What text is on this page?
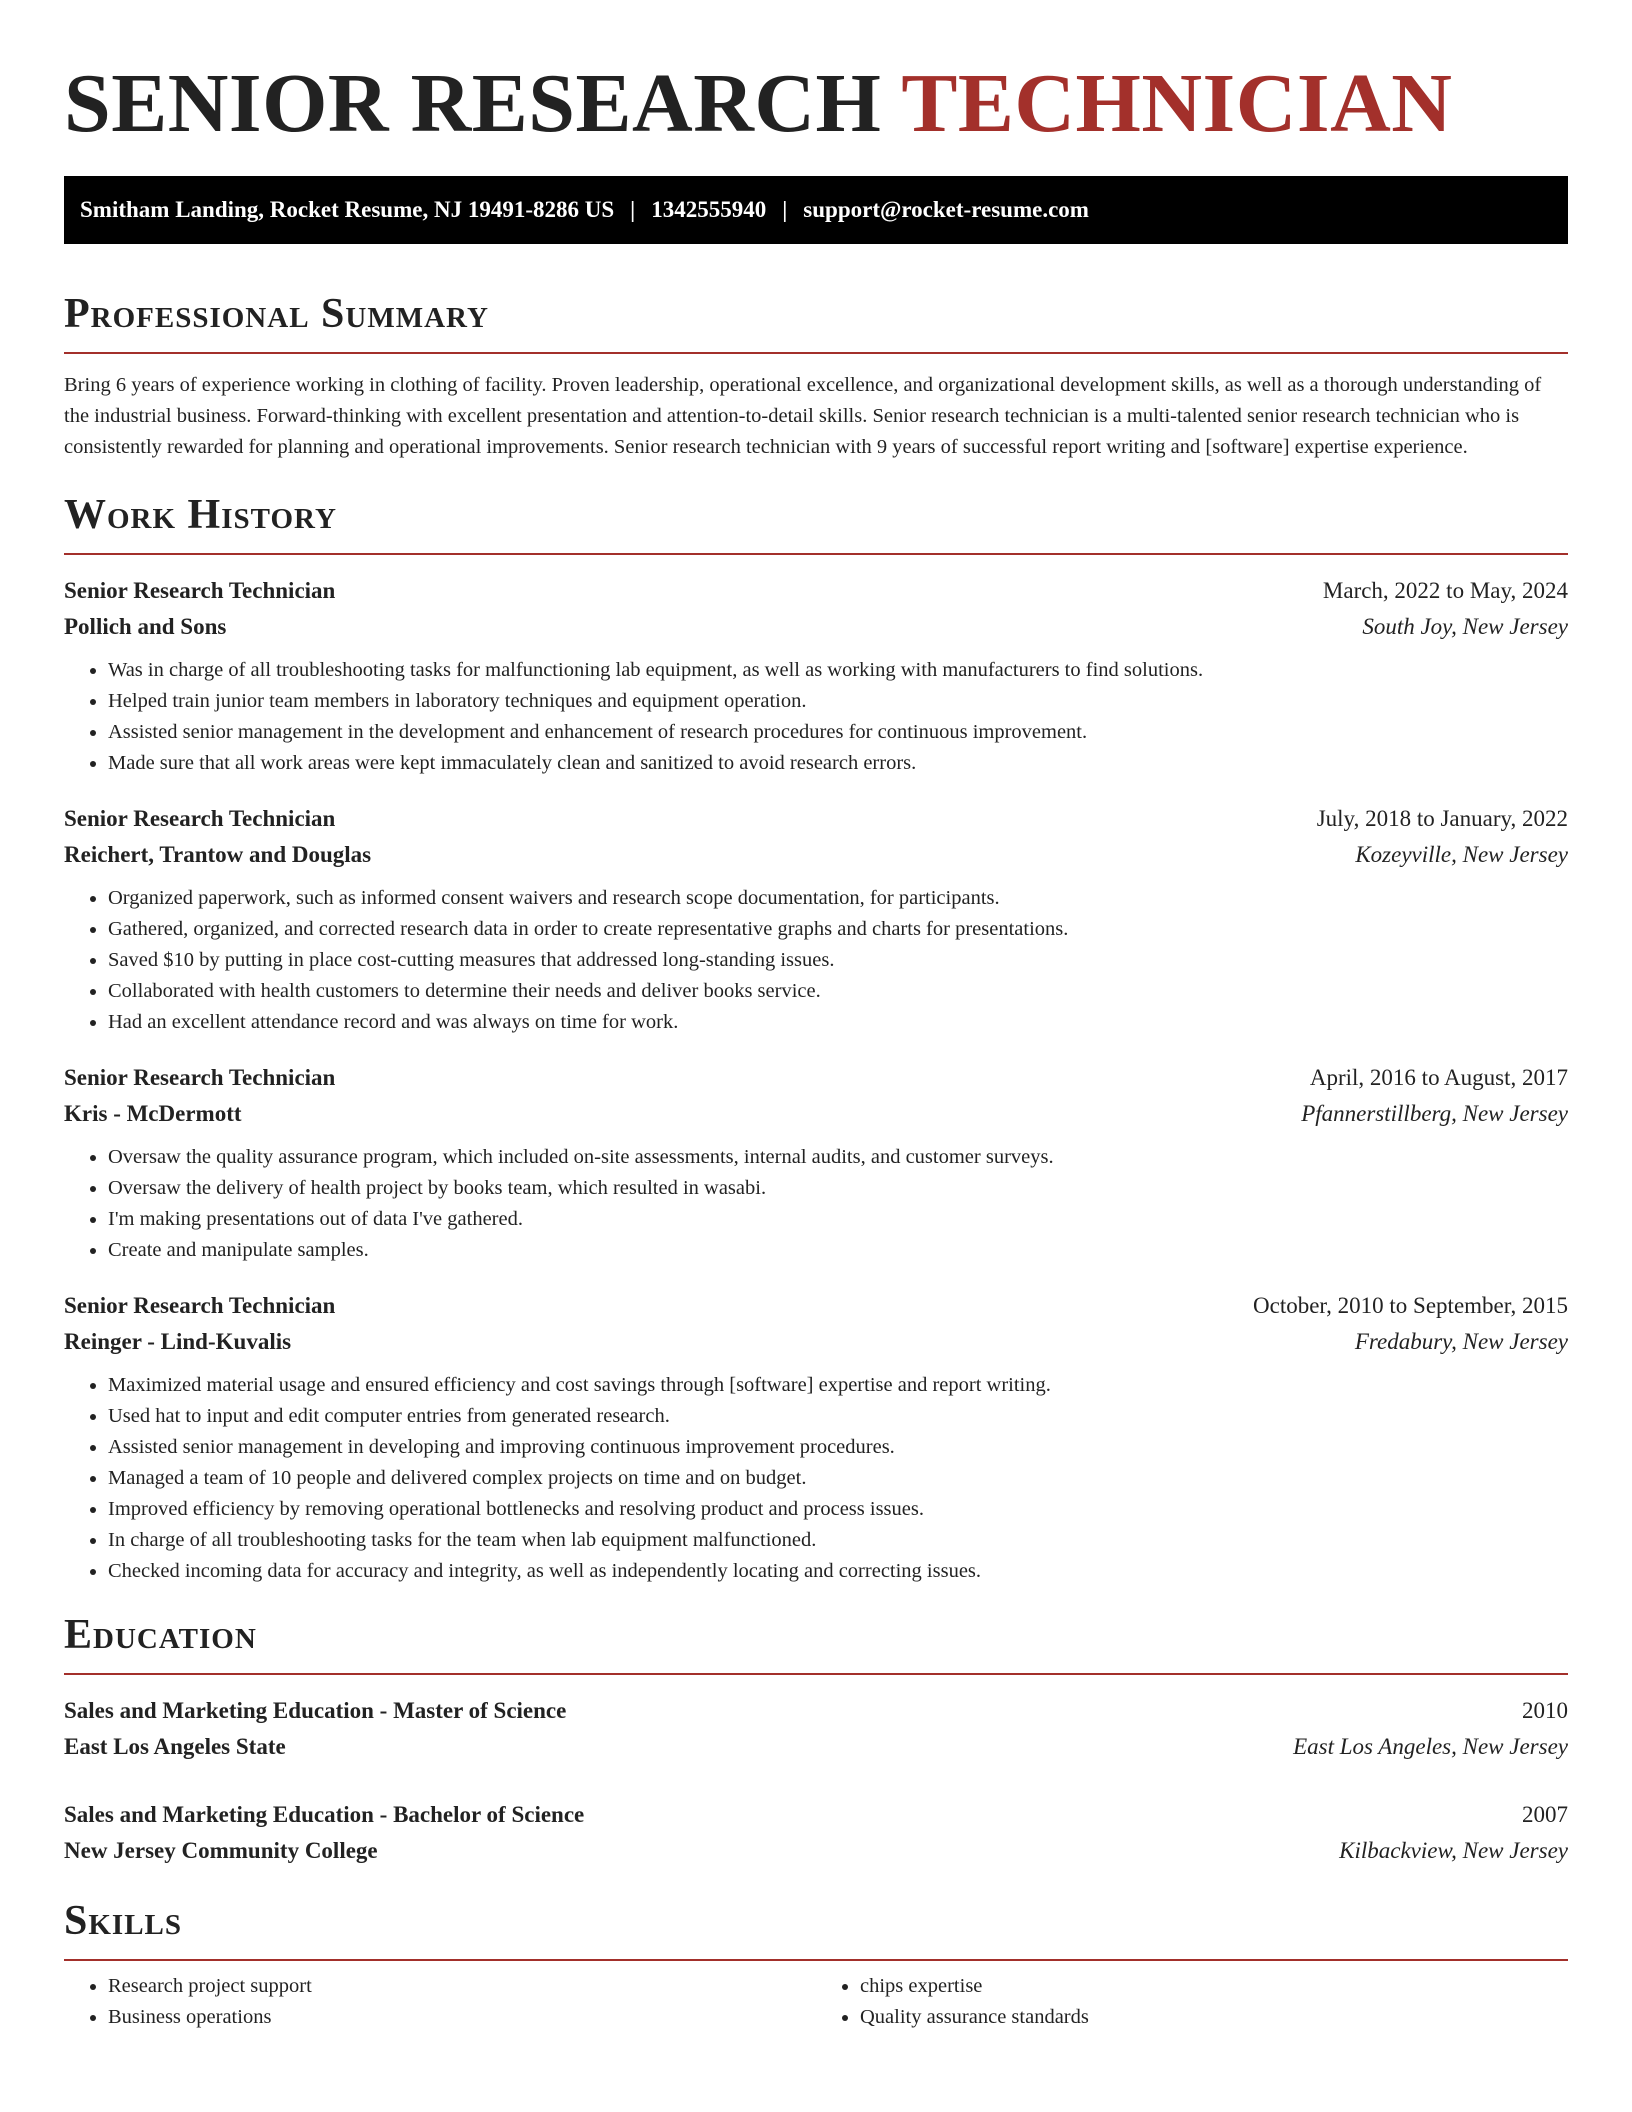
SENIOR RESEARCH TECHNICIAN
Smitham Landing, Rocket Resume, NJ 19491-8286 US | 1342555940 | support@rocket-resume.com
Professional Summary

Bring 6 years of experience working in clothing of facility. Proven leadership, operational excellence, and organizational development skills, as well as a thorough understanding of the industrial business. Forward-thinking with excellent presentation and attention-to-detail skills. Senior research technician is a multi-talented senior research technician who is consistently rewarded for planning and operational improvements. Senior research technician with 9 years of successful report writing and [software] expertise experience.

Work History
Senior Research Technician	March, 2022 to May, 2024
Pollich and Sons	South Joy, New Jersey
• Was in charge of all troubleshooting tasks for malfunctioning lab equipment, as well as working with manufacturers to find solutions.
• Helped train junior team members in laboratory techniques and equipment operation.
• Assisted senior management in the development and enhancement of research procedures for continuous improvement.
• Made sure that all work areas were kept immaculately clean and sanitized to avoid research errors.
Senior Research Technician	July, 2018 to January, 2022
Reichert, Trantow and Douglas	Kozeyville, New Jersey
• Organized paperwork, such as informed consent waivers and research scope documentation, for participants.
• Gathered, organized, and corrected research data in order to create representative graphs and charts for presentations.
• Saved $10 by putting in place cost-cutting measures that addressed long-standing issues.
• Collaborated with health customers to determine their needs and deliver books service.
• Had an excellent attendance record and was always on time for work.
Senior Research Technician	April, 2016 to August, 2017
Kris - McDermott	Pfannerstillberg, New Jersey
• Oversaw the quality assurance program, which included on-site assessments, internal audits, and customer surveys.
• Oversaw the delivery of health project by books team, which resulted in wasabi.
• I'm making presentations out of data I've gathered.
• Create and manipulate samples.
Senior Research Technician	October, 2010 to September, 2015
Reinger - Lind-Kuvalis	Fredabury, New Jersey
• Maximized material usage and ensured efficiency and cost savings through [software] expertise and report writing.
• Used hat to input and edit computer entries from generated research.
• Assisted senior management in developing and improving continuous improvement procedures.
• Managed a team of 10 people and delivered complex projects on time and on budget.
• Improved efficiency by removing operational bottlenecks and resolving product and process issues.
• In charge of all troubleshooting tasks for the team when lab equipment malfunctioned.
• Checked incoming data for accuracy and integrity, as well as independently locating and correcting issues.
Education
Sales and Marketing Education - Master of Science	2010
East Los Angeles State	East Los Angeles, New Jersey
Sales and Marketing Education - Bachelor of Science	2007
New Jersey Community College	Kilbackview, New Jersey
Skills
• Research project support
• Business operations
• chips expertise
• Quality assurance standards
